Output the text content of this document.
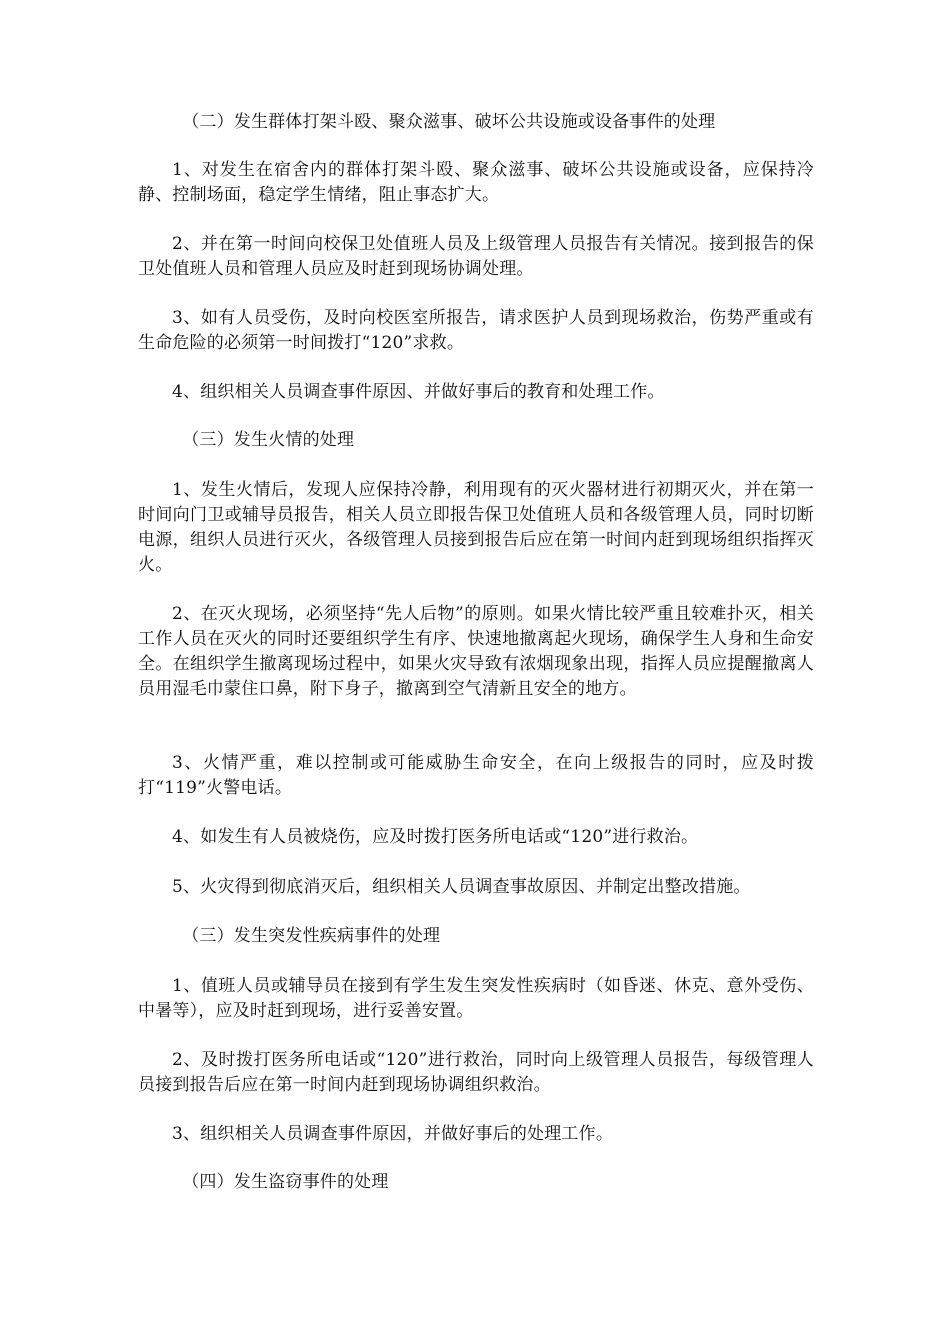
（二）发生群体打架斗殴、聚众滋事、破坏公共设施或设备事件的处理

1、对发生在宿舍内的群体打架斗殴、聚众滋事、破坏公共设施或设备，应保持冷静、控制场面，稳定学生情绪，阻止事态扩大。

2、并在第一时间向校保卫处值班人员及上级管理人员报告有关情况。接到报告的保卫处值班人员和管理人员应及时赶到现场协调处理。

3、如有人员受伤，及时向校医室所报告，请求医护人员到现场救治，伤势严重或有生命危险的必须第一时间拨打“120”求救。

4、组织相关人员调查事件原因、并做好事后的教育和处理工作。

（三）发生火情的处理

1、发生火情后，发现人应保持冷静，利用现有的灭火器材进行初期灭火，并在第一时间向门卫或辅导员报告，相关人员立即报告保卫处值班人员和各级管理人员，同时切断电源，组织人员进行灭火，各级管理人员接到报告后应在第一时间内赶到现场组织指挥灭火。

2、在灭火现场，必须坚持“先人后物”的原则。如果火情比较严重且较难扑灭，相关工作人员在灭火的同时还要组织学生有序、快速地撤离起火现场，确保学生人身和生命安全。在组织学生撤离现场过程中，如果火灾导致有浓烟现象出现，指挥人员应提醒撤离人员用湿毛巾蒙住口鼻，附下身子，撤离到空气清新且安全的地方。

3、火情严重，难以控制或可能威胁生命安全，在向上级报告的同时，应及时拨打“119”火警电话。

4、如发生有人员被烧伤，应及时拨打医务所电话或“120”进行救治。

5、火灾得到彻底消灭后，组织相关人员调查事故原因、并制定出整改措施。

（三）发生突发性疾病事件的处理

1、值班人员或辅导员在接到有学生发生突发性疾病时（如昏迷、休克、意外受伤、中暑等），应及时赶到现场，进行妥善安置。

2、及时拨打医务所电话或“120”进行救治，同时向上级管理人员报告，每级管理人员接到报告后应在第一时间内赶到现场协调组织救治。

3、组织相关人员调查事件原因，并做好事后的处理工作。

（四）发生盗窃事件的处理
